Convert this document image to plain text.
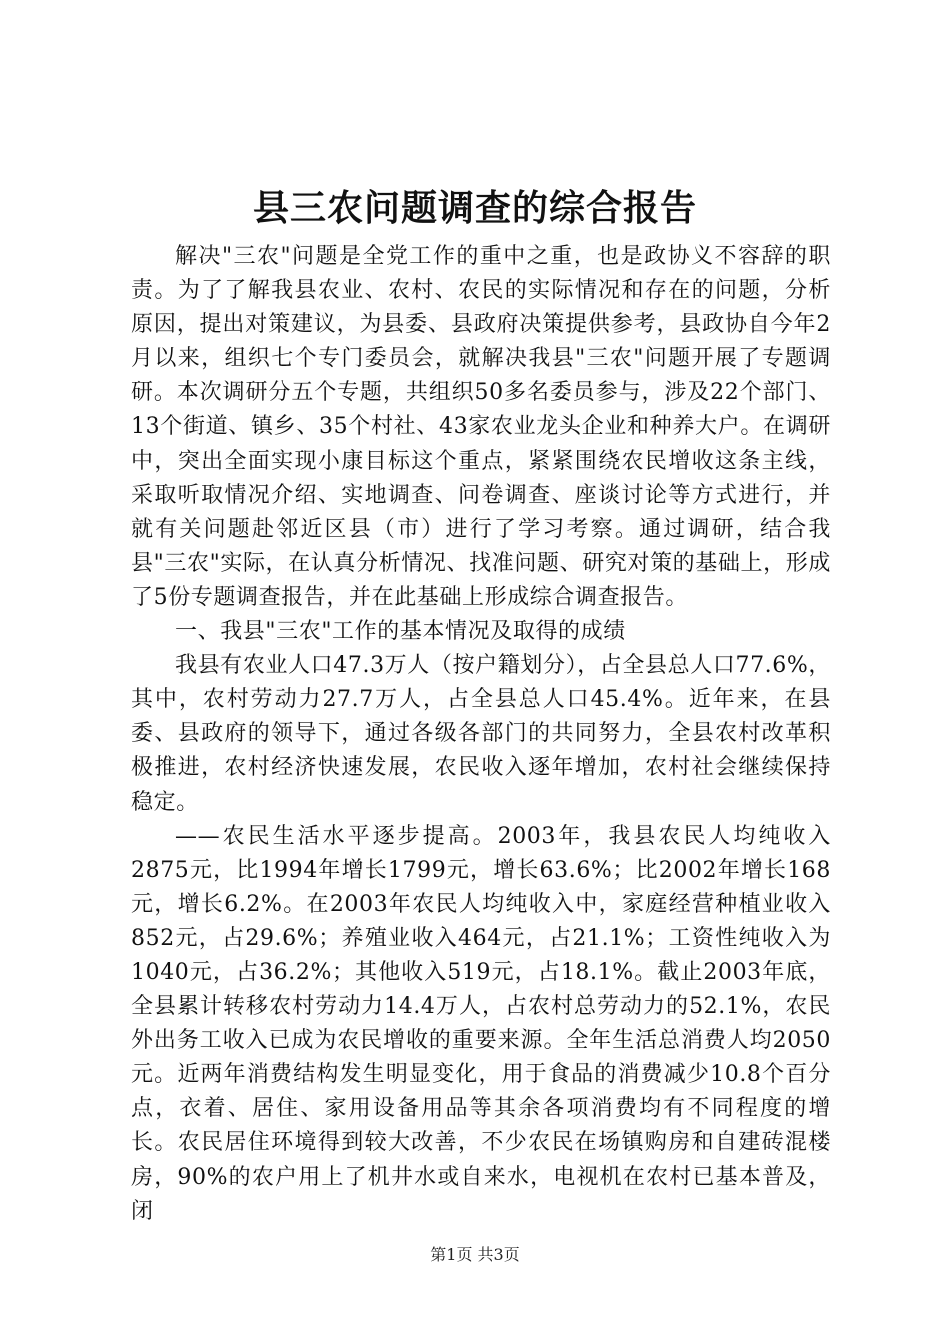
县三农问题调查的综合报告

解决"三农"问题是全党工作的重中之重，也是政协义不容辞的职责。为了了解我县农业、农村、农民的实际情况和存在的问题，分析原因，提出对策建议，为县委、县政府决策提供参考，县政协自今年2月以来，组织七个专门委员会，就解决我县"三农"问题开展了专题调研。本次调研分五个专题，共组织50多名委员参与，涉及22个部门、13个街道、镇乡、35个村社、43家农业龙头企业和种养大户。在调研中，突出全面实现小康目标这个重点，紧紧围绕农民增收这条主线，采取听取情况介绍、实地调查、问卷调查、座谈讨论等方式进行，并就有关问题赴邻近区县（市）进行了学习考察。通过调研，结合我县"三农"实际，在认真分析情况、找准问题、研究对策的基础上，形成了5份专题调查报告，并在此基础上形成综合调查报告。

一、我县"三农"工作的基本情况及取得的成绩

我县有农业人口47.3万人（按户籍划分），占全县总人口77.6%，其中，农村劳动力27.7万人，占全县总人口45.4%。近年来，在县委、县政府的领导下，通过各级各部门的共同努力，全县农村改革积极推进，农村经济快速发展，农民收入逐年增加，农村社会继续保持稳定。

——农民生活水平逐步提高。2003年，我县农民人均纯收入2875元，比1994年增长1799元，增长63.6%；比2002年增长168元，增长6.2%。在2003年农民人均纯收入中，家庭经营种植业收入852元，占29.6%；养殖业收入464元，占21.1%；工资性纯收入为1040元，占36.2%；其他收入519元，占18.1%。截止2003年底，全县累计转移农村劳动力14.4万人，占农村总劳动力的52.1%，农民外出务工收入已成为农民增收的重要来源。全年生活总消费人均2050元。近两年消费结构发生明显变化，用于食品的消费减少10.8个百分点，衣着、居住、家用设备用品等其余各项消费均有不同程度的增长。农民居住环境得到较大改善，不少农民在场镇购房和自建砖混楼房，90%的农户用上了机井水或自来水，电视机在农村已基本普及，闭

第1页 共3页
